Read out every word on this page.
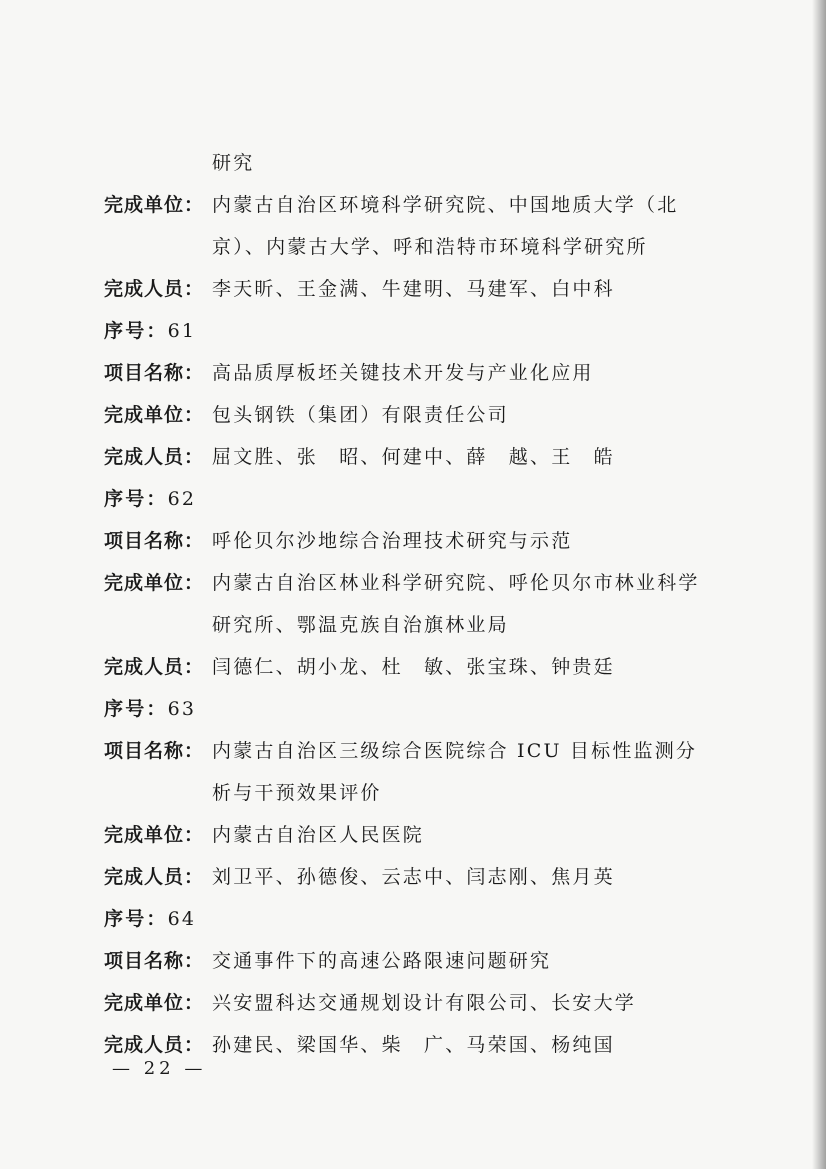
研究
完成单位： 内蒙古自治区环境科学研究院、中国地质大学（北
京）、内蒙古大学、呼和浩特市环境科学研究所
完成人员： 李天昕、王金满、牛建明、马建军、白中科
序号：61
项目名称： 高品质厚板坯关键技术开发与产业化应用
完成单位： 包头钢铁（集团）有限责任公司
完成人员： 屈文胜、张　昭、何建中、薛　越、王　皓
序号：62
项目名称： 呼伦贝尔沙地综合治理技术研究与示范
完成单位： 内蒙古自治区林业科学研究院、呼伦贝尔市林业科学
研究所、鄂温克族自治旗林业局
完成人员： 闫德仁、胡小龙、杜　敏、张宝珠、钟贵廷
序号：63
项目名称： 内蒙古自治区三级综合医院综合 ICU 目标性监测分
析与干预效果评价
完成单位： 内蒙古自治区人民医院
完成人员： 刘卫平、孙德俊、云志中、闫志刚、焦月英
序号：64
项目名称： 交通事件下的高速公路限速问题研究
完成单位： 兴安盟科达交通规划设计有限公司、长安大学
完成人员： 孙建民、梁国华、柴　广、马荣国、杨纯国
— 22 —
